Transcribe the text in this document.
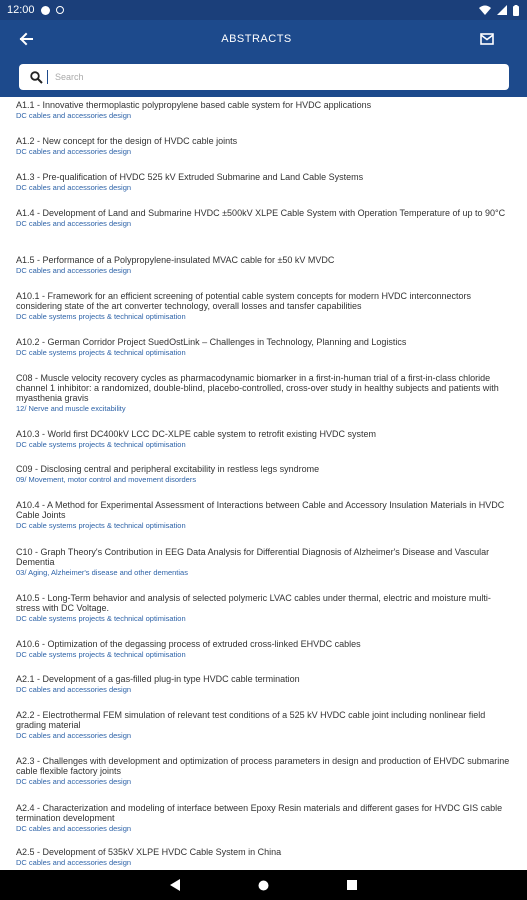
12:00
ABSTRACTS
Search
A1.1 - Innovative thermoplastic polypropylene based cable system for HVDC applications
DC cables and accessories design
A1.2 - New concept for the design of HVDC cable joints
DC cables and accessories design
A1.3 - Pre-qualification of HVDC 525 kV Extruded Submarine and Land Cable Systems
DC cables and accessories design
A1.4 - Development of Land and Submarine HVDC ±500kV XLPE Cable System with Operation Temperature of up to 90°C
DC cables and accessories design
A1.5 - Performance of a Polypropylene-insulated MVAC cable for ±50 kV MVDC
DC cables and accessories design
A10.1 - Framework for an efficient screening of potential cable system concepts for modern HVDC interconnectors considering state of the art converter technology, overall losses and tansfer capabilities
DC cable systems projects & technical optimisation
A10.2 - German Corridor Project SuedOstLink – Challenges in Technology, Planning and Logistics
DC cable systems projects & technical optimisation
C08 - Muscle velocity recovery cycles as pharmacodynamic biomarker in a first-in-human trial of a first-in-class chloride channel 1 inhibitor: a randomized, double-blind, placebo-controlled, cross-over study in healthy subjects and patients with myasthenia gravis
12/ Nerve and muscle excitability
A10.3 - World first DC400kV LCC DC-XLPE cable system to retrofit existing HVDC system
DC cable systems projects & technical optimisation
C09 - Disclosing central and peripheral excitability in restless legs syndrome
09/ Movement, motor control and movement disorders
A10.4 - A Method for Experimental Assessment of Interactions between Cable and Accessory Insulation Materials in HVDC Cable Joints
DC cable systems projects & technical optimisation
C10 - Graph Theory's Contribution in EEG Data Analysis for Differential Diagnosis of Alzheimer's Disease and Vascular Dementia
03/ Aging, Alzheimer's disease and other dementias
A10.5 - Long-Term behavior and analysis of selected polymeric LVAC cables under thermal, electric and moisture multi-stress with DC Voltage.
DC cable systems projects & technical optimisation
A10.6 - Optimization of the degassing process of extruded cross-linked EHVDC cables
DC cable systems projects & technical optimisation
A2.1 - Development of a gas-filled plug-in type HVDC cable termination
DC cables and accessories design
A2.2 - Electrothermal FEM simulation of relevant test conditions of a 525 kV HVDC cable joint including nonlinear field grading material
DC cables and accessories design
A2.3 - Challenges with development and optimization of process parameters in design and production of EHVDC submarine cable flexible factory joints
DC cables and accessories design
A2.4 - Characterization and modeling of interface between Epoxy Resin materials and different gases for HVDC GIS cable termination development
DC cables and accessories design
A2.5 - Development of 535kV XLPE HVDC Cable System in China
DC cables and accessories design
